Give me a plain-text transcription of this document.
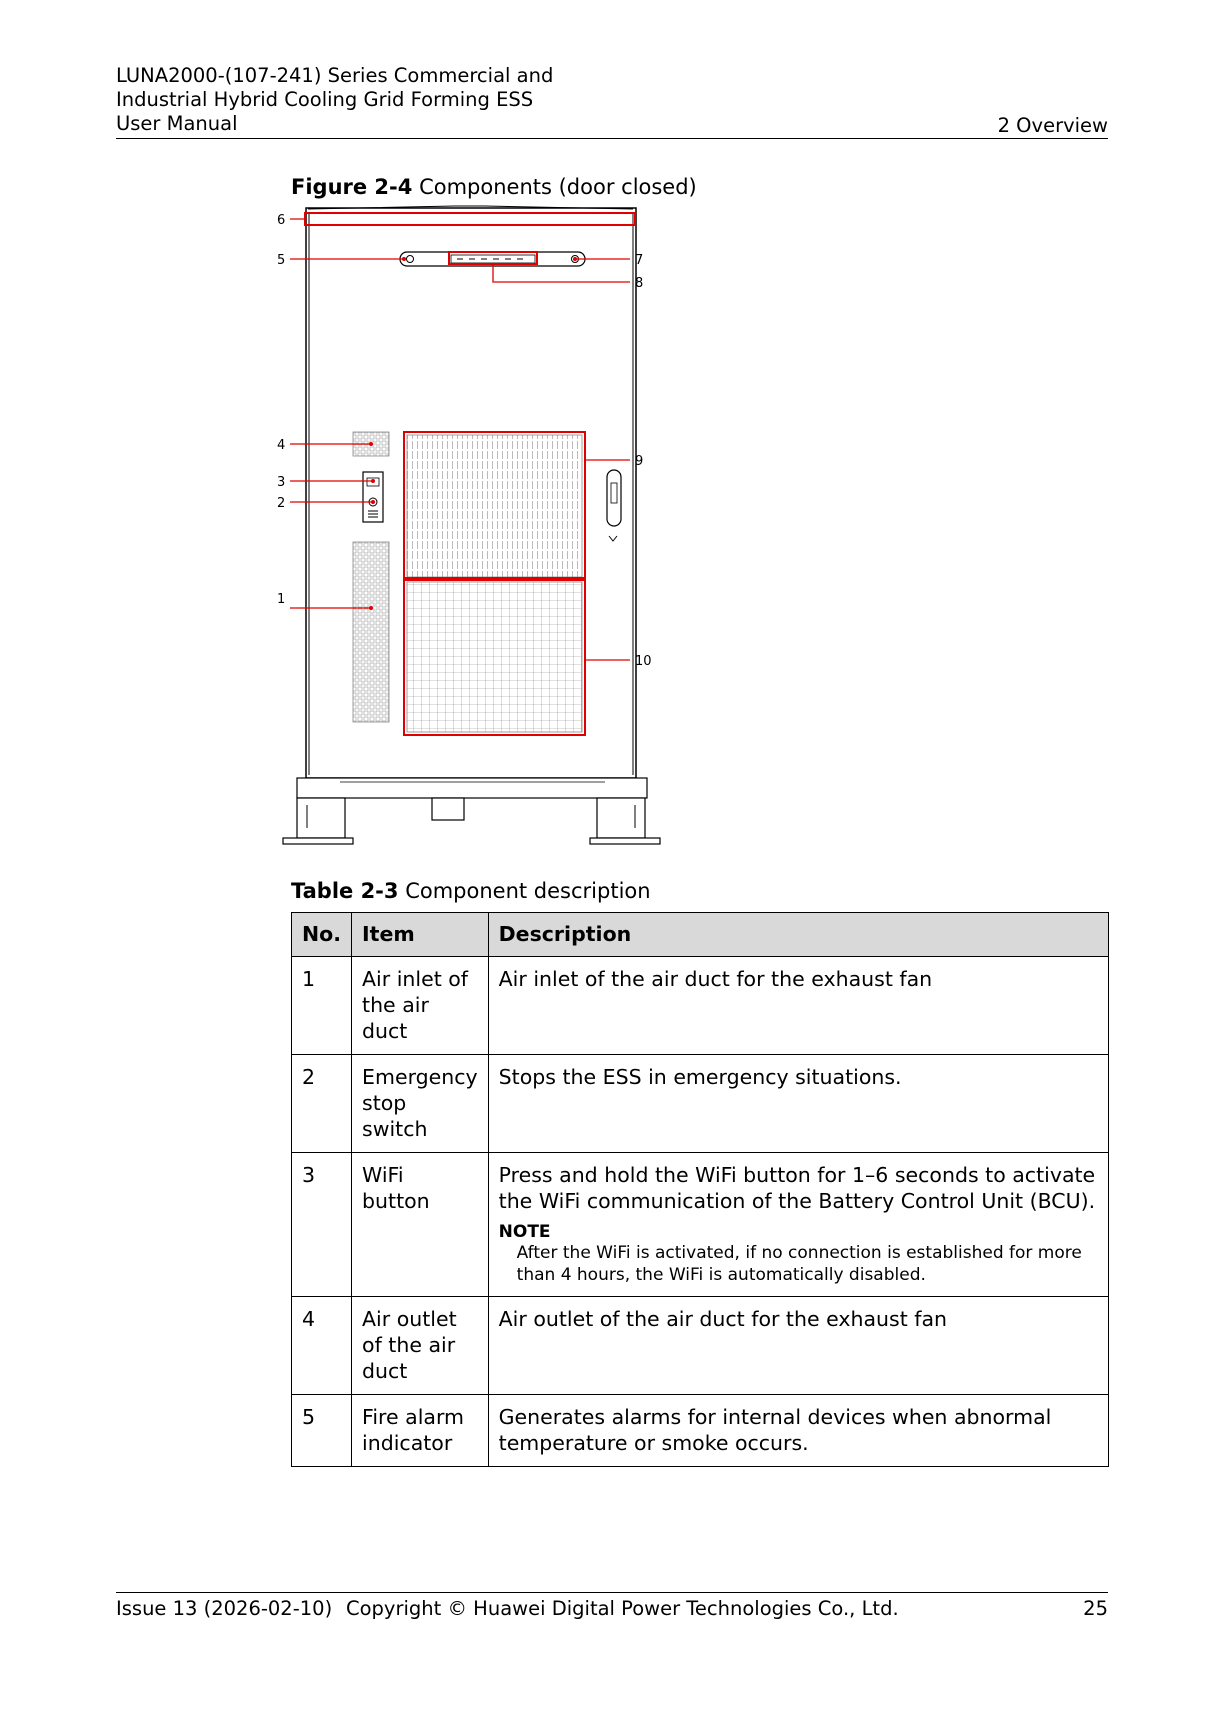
LUNA2000-(107-241) Series Commercial and
Industrial Hybrid Cooling Grid Forming ESS
User Manual	2 Overview
Figure 2-4 Components (door closed)
1
2
3
4
5
6
7
8
9
10
Table 2-3 Component description
No.	Item	Description
1	Air inlet of the air duct	Air inlet of the air duct for the exhaust fan
2	Emergency stop switch	Stops the ESS in emergency situations.
3	WiFi button	Press and hold the WiFi button for 1–6 seconds to activate the WiFi communication of the Battery Control Unit (BCU).
NOTE
After the WiFi is activated, if no connection is established for more than 4 hours, the WiFi is automatically disabled.

4	Air outlet of the air duct	Air outlet of the air duct for the exhaust fan
5	Fire alarm indicator	Generates alarms for internal devices when abnormal temperature or smoke occurs.
Issue 13 (2026-02-10) Copyright © Huawei Digital Power Technologies Co., Ltd.	25
